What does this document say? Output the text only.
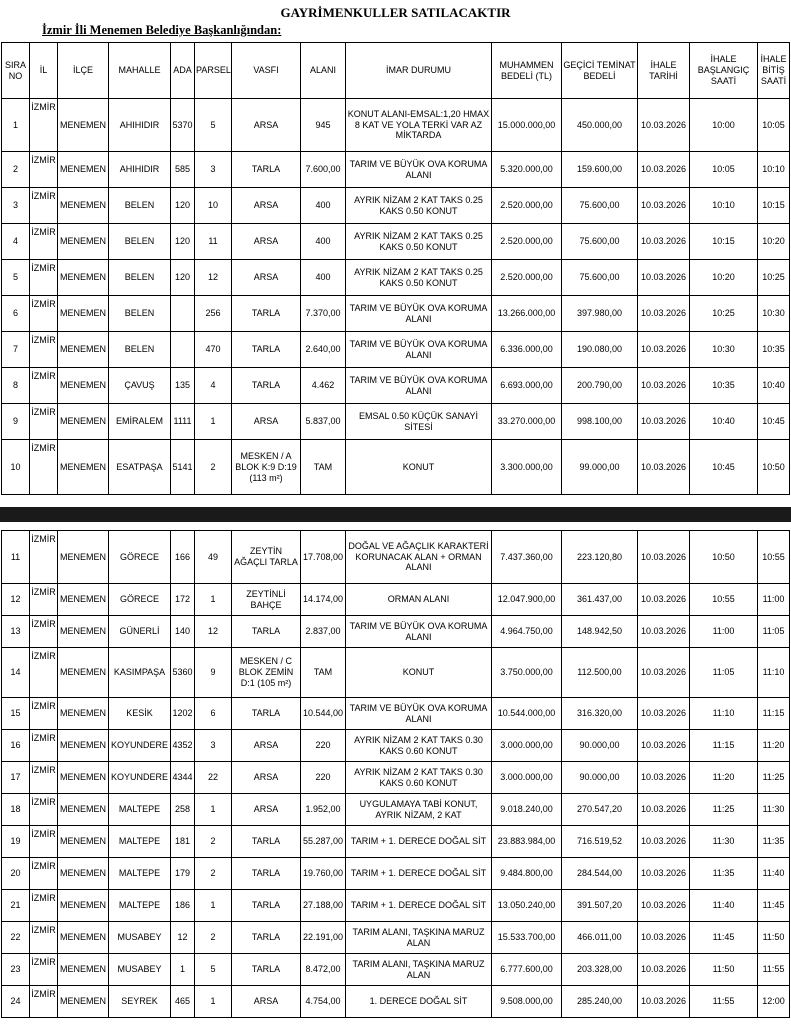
GAYRİMENKULLER SATILACAKTIR
İzmir İli Menemen Belediye Başkanlığından:
SIRA NO	İL	İLÇE	MAHALLE	ADA	PARSEL	VASFI	ALANI	İMAR DURUMU	MUHAMMEN BEDELİ (TL)	GEÇİCİ TEMİNAT BEDELİ	İHALE TARİHİ	İHALE BAŞLANGIÇ SAATİ	İHALE BİTİŞ SAATİ
1	İZMİR	MENEMEN	AHIHIDIR	5370	5	ARSA	945	KONUT ALANI-EMSAL:1,20 HMAX 8 KAT VE YOLA TERKİ VAR AZ MİKTARDA	15.000.000,00	450.000,00	10.03.2026	10:00	10:05
2	İZMİR	MENEMEN	AHIHIDIR	585	3	TARLA	7.600,00	TARIM VE BÜYÜK OVA KORUMA ALANI	5.320.000,00	159.600,00	10.03.2026	10:05	10:10
3	İZMİR	MENEMEN	BELEN	120	10	ARSA	400	AYRIK NİZAM 2 KAT TAKS 0.25 KAKS 0.50 KONUT	2.520.000,00	75.600,00	10.03.2026	10:10	10:15
4	İZMİR	MENEMEN	BELEN	120	11	ARSA	400	AYRIK NİZAM 2 KAT TAKS 0.25 KAKS 0.50 KONUT	2.520.000,00	75.600,00	10.03.2026	10:15	10:20
5	İZMİR	MENEMEN	BELEN	120	12	ARSA	400	AYRIK NİZAM 2 KAT TAKS 0.25 KAKS 0.50 KONUT	2.520.000,00	75.600,00	10.03.2026	10:20	10:25
6	İZMİR	MENEMEN	BELEN		256	TARLA	7.370,00	TARIM VE BÜYÜK OVA KORUMA ALANI	13.266.000,00	397.980,00	10.03.2026	10:25	10:30
7	İZMİR	MENEMEN	BELEN		470	TARLA	2.640,00	TARIM VE BÜYÜK OVA KORUMA ALANI	6.336.000,00	190.080,00	10.03.2026	10:30	10:35
8	İZMİR	MENEMEN	ÇAVUŞ	135	4	TARLA	4.462	TARIM VE BÜYÜK OVA KORUMA ALANI	6.693.000,00	200.790,00	10.03.2026	10:35	10:40
9	İZMİR	MENEMEN	EMİRALEM	1111	1	ARSA	5.837,00	EMSAL 0.50 KÜÇÜK SANAYİ SİTESİ	33.270.000,00	998.100,00	10.03.2026	10:40	10:45
10	İZMİR	MENEMEN	ESATPAŞA	5141	2	MESKEN / A BLOK K:9 D:19 (113 m²)	TAM	KONUT	3.300.000,00	99.000,00	10.03.2026	10:45	10:50
11	İZMİR	MENEMEN	GÖRECE	166	49	ZEYTİN AĞAÇLI TARLA	17.708,00	DOĞAL VE AĞAÇLIK KARAKTERİ KORUNACAK ALAN + ORMAN ALANI	7.437.360,00	223.120,80	10.03.2026	10:50	10:55
12	İZMİR	MENEMEN	GÖRECE	172	1	ZEYTİNLİ BAHÇE	14.174,00	ORMAN ALANI	12.047.900,00	361.437,00	10.03.2026	10:55	11:00
13	İZMİR	MENEMEN	GÜNERLİ	140	12	TARLA	2.837,00	TARIM VE BÜYÜK OVA KORUMA ALANI	4.964.750,00	148.942,50	10.03.2026	11:00	11:05
14	İZMİR	MENEMEN	KASIMPAŞA	5360	9	MESKEN / C BLOK ZEMİN D:1 (105 m²)	TAM	KONUT	3.750.000,00	112.500,00	10.03.2026	11:05	11:10
15	İZMİR	MENEMEN	KESİK	1202	6	TARLA	10.544,00	TARIM VE BÜYÜK OVA KORUMA ALANI	10.544.000,00	316.320,00	10.03.2026	11:10	11:15
16	İZMİR	MENEMEN	KOYUNDERE	4352	3	ARSA	220	AYRIK NİZAM 2 KAT TAKS 0.30 KAKS 0.60 KONUT	3.000.000,00	90.000,00	10.03.2026	11:15	11:20
17	İZMİR	MENEMEN	KOYUNDERE	4344	22	ARSA	220	AYRIK NİZAM 2 KAT TAKS 0.30 KAKS 0.60 KONUT	3.000.000,00	90.000,00	10.03.2026	11:20	11:25
18	İZMİR	MENEMEN	MALTEPE	258	1	ARSA	1.952,00	UYGULAMAYA TABİ KONUT, AYRIK NİZAM, 2 KAT	9.018.240,00	270.547,20	10.03.2026	11:25	11:30
19	İZMİR	MENEMEN	MALTEPE	181	2	TARLA	55.287,00	TARIM + 1. DERECE DOĞAL SİT	23.883.984,00	716.519,52	10.03.2026	11:30	11:35
20	İZMİR	MENEMEN	MALTEPE	179	2	TARLA	19.760,00	TARIM + 1. DERECE DOĞAL SİT	9.484.800,00	284.544,00	10.03.2026	11:35	11:40
21	İZMİR	MENEMEN	MALTEPE	186	1	TARLA	27.188,00	TARIM + 1. DERECE DOĞAL SİT	13.050.240,00	391.507,20	10.03.2026	11:40	11:45
22	İZMİR	MENEMEN	MUSABEY	12	2	TARLA	22.191,00	TARIM ALANI, TAŞKINA MARUZ ALAN	15.533.700,00	466.011,00	10.03.2026	11:45	11:50
23	İZMİR	MENEMEN	MUSABEY	1	5	TARLA	8.472,00	TARIM ALANI, TAŞKINA MARUZ ALAN	6.777.600,00	203.328,00	10.03.2026	11:50	11:55
24	İZMİR	MENEMEN	SEYREK	465	1	ARSA	4.754,00	1. DERECE DOĞAL SİT	9.508.000,00	285.240,00	10.03.2026	11:55	12:00
